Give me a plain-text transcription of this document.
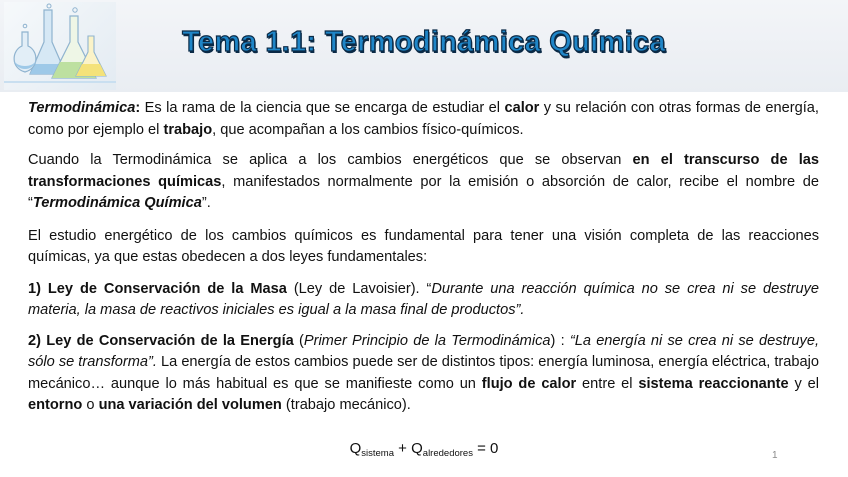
Tema 1.1: Termodinámica Química

Termodinámica: Es la rama de la ciencia que se encarga de estudiar el calor y su relación con otras formas de energía, como por ejemplo el trabajo, que acompañan a los cambios físico-químicos.

Cuando la Termodinámica se aplica a los cambios energéticos que se observan en el transcurso de las transformaciones químicas, manifestados normalmente por la emisión o absorción de calor, recibe el nombre de “Termodinámica Química”.

El estudio energético de los cambios químicos es fundamental para tener una visión completa de las reacciones químicas, ya que estas obedecen a dos leyes fundamentales:

1) Ley de Conservación de la Masa (Ley de Lavoisier). “Durante una reacción química no se crea ni se destruye materia, la masa de reactivos iniciales es igual a la masa final de productos”.

2) Ley de Conservación de la Energía (Primer Principio de la Termodinámica) : “La energía ni se crea ni se destruye, sólo se transforma”. La energía de estos cambios puede ser de distintos tipos: energía luminosa, energía eléctrica, trabajo mecánico… aunque lo más habitual es que se manifieste como un flujo de calor entre el sistema reaccionante y el entorno o una variación del volumen (trabajo mecánico).

$Q_{sistema} + Q_{alrededores} = 0$	1
